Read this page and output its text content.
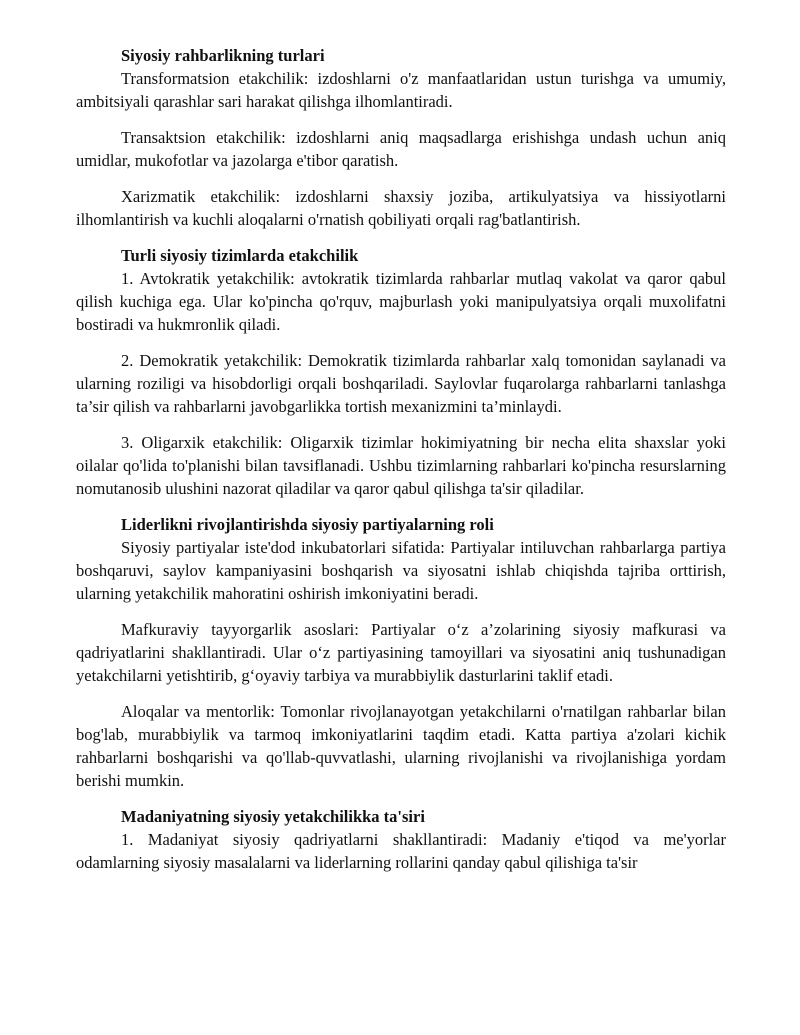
Siyosiy rahbarlikning turlari

Transformatsion etakchilik: izdoshlarni o'z manfaatlaridan ustun turishga va umumiy, ambitsiyali qarashlar sari harakat qilishga ilhomlantiradi.

Transaktsion etakchilik: izdoshlarni aniq maqsadlarga erishishga undash uchun aniq umidlar, mukofotlar va jazolarga e'tibor qaratish.

Xarizmatik etakchilik: izdoshlarni shaxsiy joziba, artikulyatsiya va hissiyotlarni ilhomlantirish va kuchli aloqalarni o'rnatish qobiliyati orqali rag'batlantirish.

Turli siyosiy tizimlarda etakchilik

1. Avtokratik yetakchilik: avtokratik tizimlarda rahbarlar mutlaq vakolat va qaror qabul qilish kuchiga ega. Ular ko'pincha qo'rquv, majburlash yoki manipulyatsiya orqali muxolifatni bostiradi va hukmronlik qiladi.

2. Demokratik yetakchilik: Demokratik tizimlarda rahbarlar xalq tomonidan saylanadi va ularning roziligi va hisobdorligi orqali boshqariladi. Saylovlar fuqarolarga rahbarlarni tanlashga ta’sir qilish va rahbarlarni javobgarlikka tortish mexanizmini ta’minlaydi.

3. Oligarxik etakchilik: Oligarxik tizimlar hokimiyatning bir necha elita shaxslar yoki oilalar qo'lida to'planishi bilan tavsiflanadi. Ushbu tizimlarning rahbarlari ko'pincha resurslarning nomutanosib ulushini nazorat qiladilar va qaror qabul qilishga ta'sir qiladilar.

Liderlikni rivojlantirishda siyosiy partiyalarning roli

Siyosiy partiyalar iste'dod inkubatorlari sifatida: Partiyalar intiluvchan rahbarlarga partiya boshqaruvi, saylov kampaniyasini boshqarish va siyosatni ishlab chiqishda tajriba orttirish, ularning yetakchilik mahoratini oshirish imkoniyatini beradi.

Mafkuraviy tayyorgarlik asoslari: Partiyalar o‘z a’zolarining siyosiy mafkurasi va qadriyatlarini shakllantiradi. Ular o‘z partiyasining tamoyillari va siyosatini aniq tushunadigan yetakchilarni yetishtirib, g‘oyaviy tarbiya va murabbiylik dasturlarini taklif etadi.

Aloqalar va mentorlik: Tomonlar rivojlanayotgan yetakchilarni o'rnatilgan rahbarlar bilan bog'lab, murabbiylik va tarmoq imkoniyatlarini taqdim etadi. Katta partiya a'zolari kichik rahbarlarni boshqarishi va qo'llab-quvvatlashi, ularning rivojlanishi va rivojlanishiga yordam berishi mumkin.

Madaniyatning siyosiy yetakchilikka ta'siri

1. Madaniyat siyosiy qadriyatlarni shakllantiradi: Madaniy e'tiqod va me'yorlar odamlarning siyosiy masalalarni va liderlarning rollarini qanday qabul qilishiga ta'sir
